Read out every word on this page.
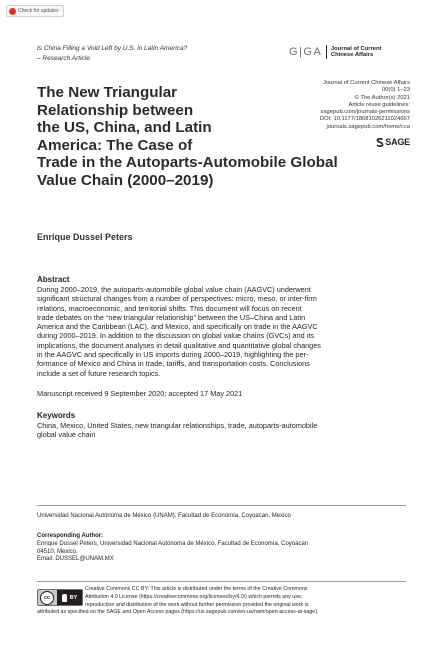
Check for updates
Is China Filling a Void Left by U.S. in Latin America?
– Research Article
G|GA Journal of Current
Chinese Affairs
Journal of Current Chinese Affairs
00(0) 1–23
© The Author(s) 2021
Article reuse guidelines:
sagepub.com/journals-permissions
DOI: 10.1177/18681026211024667
journals.sagepub.com/home/cca
SAGE
The New Triangular
Relationship between
the US, China, and Latin
America: The Case of
Trade in the Autoparts-Automobile Global
Value Chain (2000–2019)
Enrique Dussel Peters
Abstract
During 2000–2019, the autoparts-automobile global value chain (AAGVC) underwent
significant structural changes from a number of perspectives: micro, meso, or inter-firm
relations, macroeconomic, and territorial shifts. This document will focus on recent
trade debates on the “new triangular relationship” between the US–China and Latin
America and the Caribbean (LAC), and Mexico, and specifically on trade in the AAGVC
during 2000–2019. In addition to the discussion on global value chains (GVCs) and its
implications, the document analyses in detail qualitative and quantitative global changes
in the AAGVC and specifically in US imports during 2000–2019, highlighting the per-
formance of Mexico and China in trade, tariffs, and transportation costs. Conclusions
include a set of future research topics.
Manuscript received 9 September 2020; accepted 17 May 2021
Keywords
China, Mexico, United States, new triangular relationships, trade, autoparts-automobile
global value chain
Universidad Nacional Autónoma de México (UNAM), Facultad de Economía, Coyoacan, Mexico
Corresponding Author:
Enrique Dussel Peters, Universidad Nacional Autónoma de México, Facultad de Economía, Coyoacan
04510, Mexico.
Email: DUSSEL@UNAM.MX
cc	BY
Creative Commons CC BY: This article is distributed under the terms of the Creative Commons
Attribution 4.0 License (https://creativecommons.org/licenses/by/4.0/) which permits any use,
reproduction and distribution of the work without further permission provided the original work is
attributed as specified on the SAGE and Open Access pages (https://us.sagepub.com/en-us/nam/open-access-at-sage).
